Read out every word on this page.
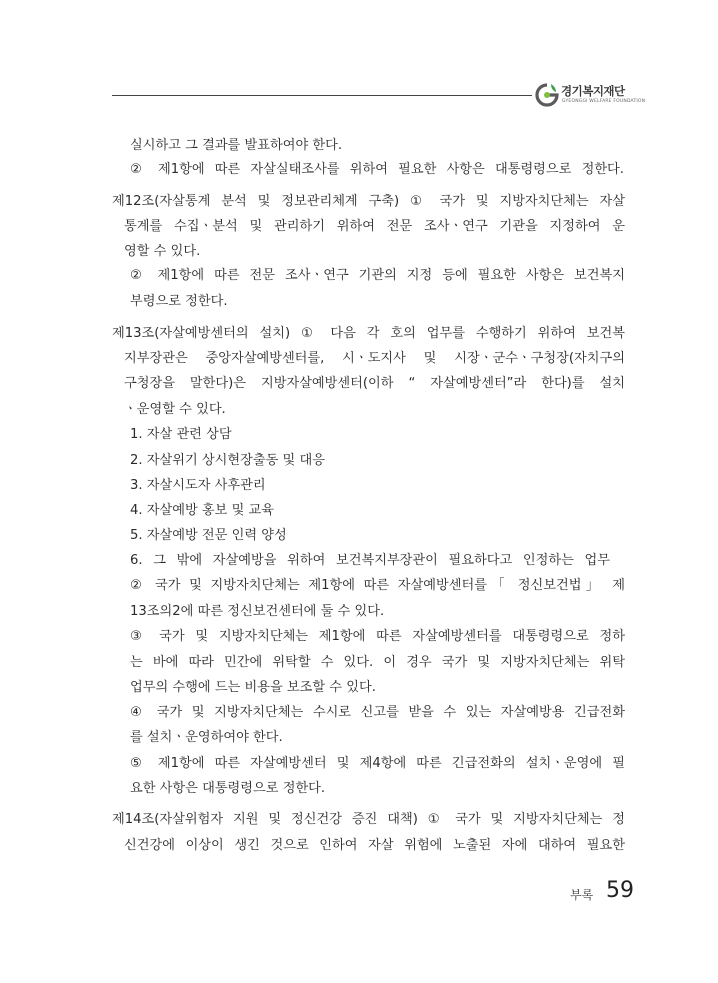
경기복지재단
GYEONGGI WELFARE FOUNDATION
실시하고 그 결과를 발표하여야 한다.
② 제1항에 따른 자살실태조사를 위하여 필요한 사항은 대통령령으로 정한다.
제12조(자살통계 분석 및 정보관리체계 구축) ① 국가 및 지방자치단체는 자살
통계를 수집ㆍ분석 및 관리하기 위하여 전문 조사ㆍ연구 기관을 지정하여 운
영할 수 있다.
② 제1항에 따른 전문 조사ㆍ연구 기관의 지정 등에 필요한 사항은 보건복지
부령으로 정한다.
제13조(자살예방센터의 설치) ① 다음 각 호의 업무를 수행하기 위하여 보건복
지부장관은 중앙자살예방센터를, 시ㆍ도지사 및 시장ㆍ군수ㆍ구청장(자치구의
구청장을 말한다)은 지방자살예방센터(이하 “ 자살예방센터”라 한다)를 설치
ㆍ운영할 수 있다.
1. 자살 관련 상담
2. 자살위기 상시현장출동 및 대응
3. 자살시도자 사후관리
4. 자살예방 홍보 및 교육
5. 자살예방 전문 인력 양성
6. 그 밖에 자살예방을 위하여 보건복지부장관이 필요하다고 인정하는 업무
② 국가 및 지방자치단체는 제1항에 따른 자살예방센터를「 정신보건법」 제
13조의2에 따른 정신보건센터에 둘 수 있다.
③ 국가 및 지방자치단체는 제1항에 따른 자살예방센터를 대통령령으로 정하
는 바에 따라 민간에 위탁할 수 있다. 이 경우 국가 및 지방자치단체는 위탁
업무의 수행에 드는 비용을 보조할 수 있다.
④ 국가 및 지방자치단체는 수시로 신고를 받을 수 있는 자살예방용 긴급전화
를 설치ㆍ운영하여야 한다.
⑤ 제1항에 따른 자살예방센터 및 제4항에 따른 긴급전화의 설치ㆍ운영에 필
요한 사항은 대통령령으로 정한다.
제14조(자살위험자 지원 및 정신건강 증진 대책) ① 국가 및 지방자치단체는 정
신건강에 이상이 생긴 것으로 인하여 자살 위험에 노출된 자에 대하여 필요한
부록 59
